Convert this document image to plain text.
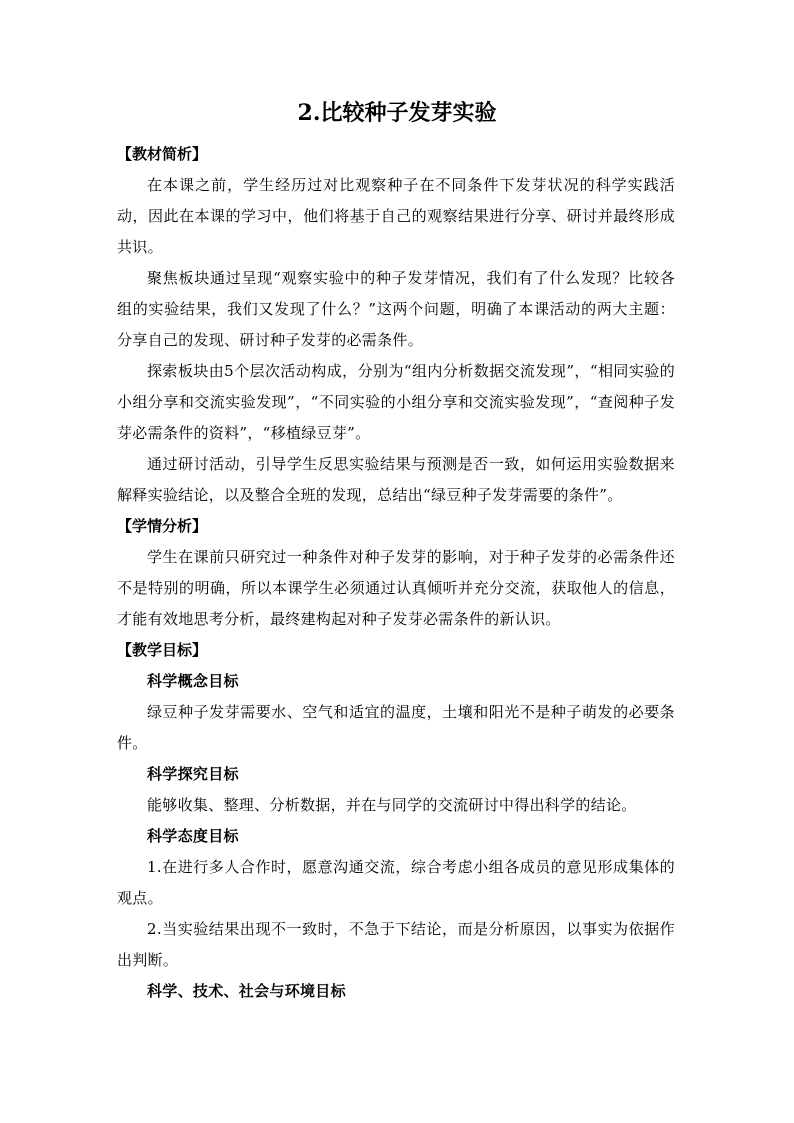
2.比较种子发芽实验

【教材简析】

在本课之前，学生经历过对比观察种子在不同条件下发芽状况的科学实践活动，因此在本课的学习中，他们将基于自己的观察结果进行分享、研讨并最终形成共识。

聚焦板块通过呈现“观察实验中的种子发芽情况，我们有了什么发现？比较各组的实验结果，我们又发现了什么？”这两个问题，明确了本课活动的两大主题：分享自己的发现、研讨种子发芽的必需条件。

探索板块由5个层次活动构成，分别为“组内分析数据交流发现”，“相同实验的小组分享和交流实验发现”，“不同实验的小组分享和交流实验发现”，“查阅种子发芽必需条件的资料”，“移植绿豆芽”。

通过研讨活动，引导学生反思实验结果与预测是否一致，如何运用实验数据来解释实验结论，以及整合全班的发现，总结出“绿豆种子发芽需要的条件”。

【学情分析】

学生在课前只研究过一种条件对种子发芽的影响，对于种子发芽的必需条件还不是特别的明确，所以本课学生必须通过认真倾听并充分交流，获取他人的信息，才能有效地思考分析，最终建构起对种子发芽必需条件的新认识。

【教学目标】

科学概念目标

绿豆种子发芽需要水、空气和适宜的温度，土壤和阳光不是种子萌发的必要条件。

科学探究目标

能够收集、整理、分析数据，并在与同学的交流研讨中得出科学的结论。

科学态度目标

1.在进行多人合作时，愿意沟通交流，综合考虑小组各成员的意见形成集体的观点。

2.当实验结果出现不一致时，不急于下结论，而是分析原因，以事实为依据作出判断。

科学、技术、社会与环境目标
